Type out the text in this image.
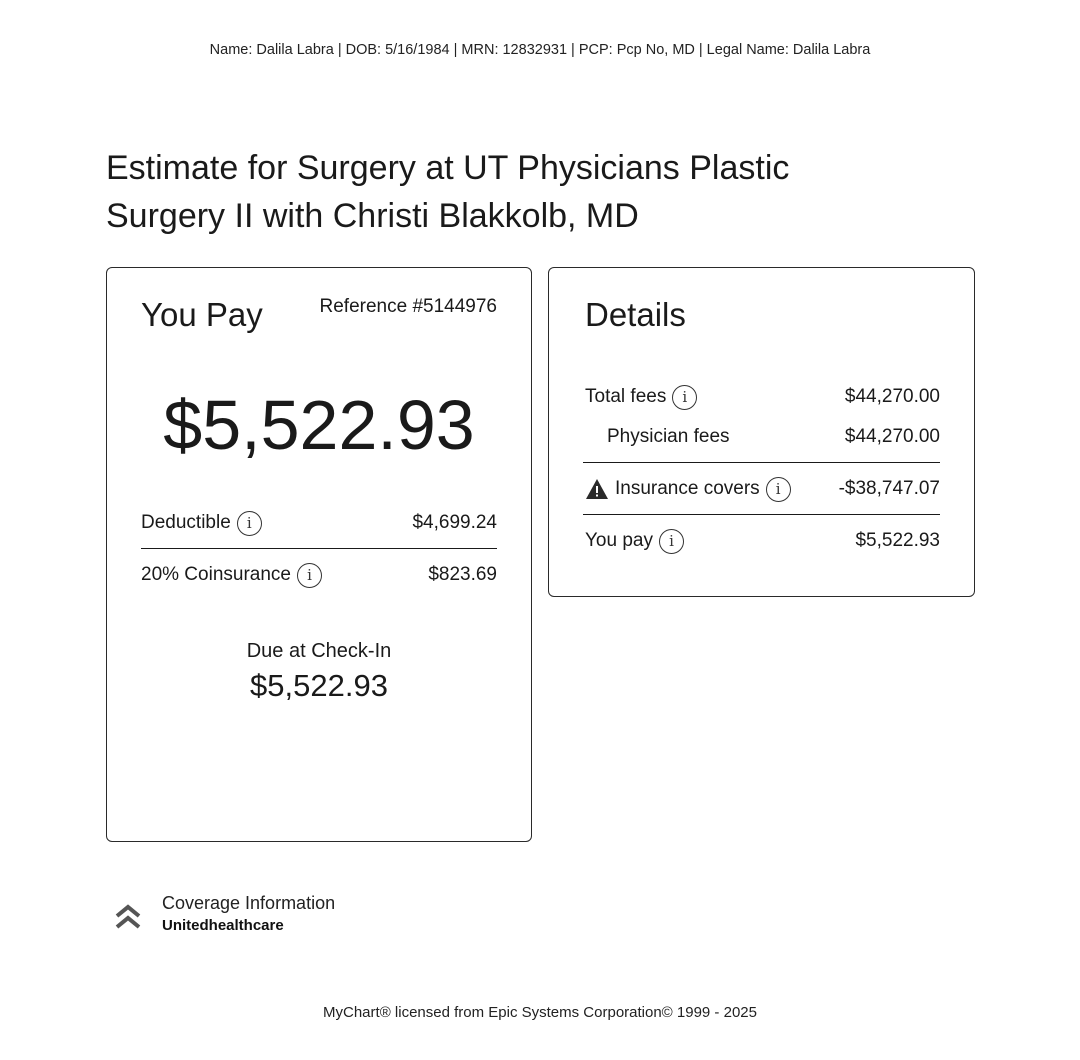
Name: Dalila Labra | DOB: 5/16/1984 | MRN: 12832931 | PCP: Pcp No, MD | Legal Name: Dalila Labra
Estimate for Surgery at UT Physicians Plastic Surgery II with Christi Blakkolb, MD
You Pay	Reference #5144976
$5,522.93
Deductible	i	$4,699.24
20% Coinsurance	i	$823.69
Due at Check-In
$5,522.93
Details
Total fees	i	$44,270.00
Physician fees	$44,270.00
Insurance covers	i	-$38,747.07
You pay	i	$5,522.93
Coverage Information
Unitedhealthcare
MyChart® licensed from Epic Systems Corporation© 1999 - 2025
